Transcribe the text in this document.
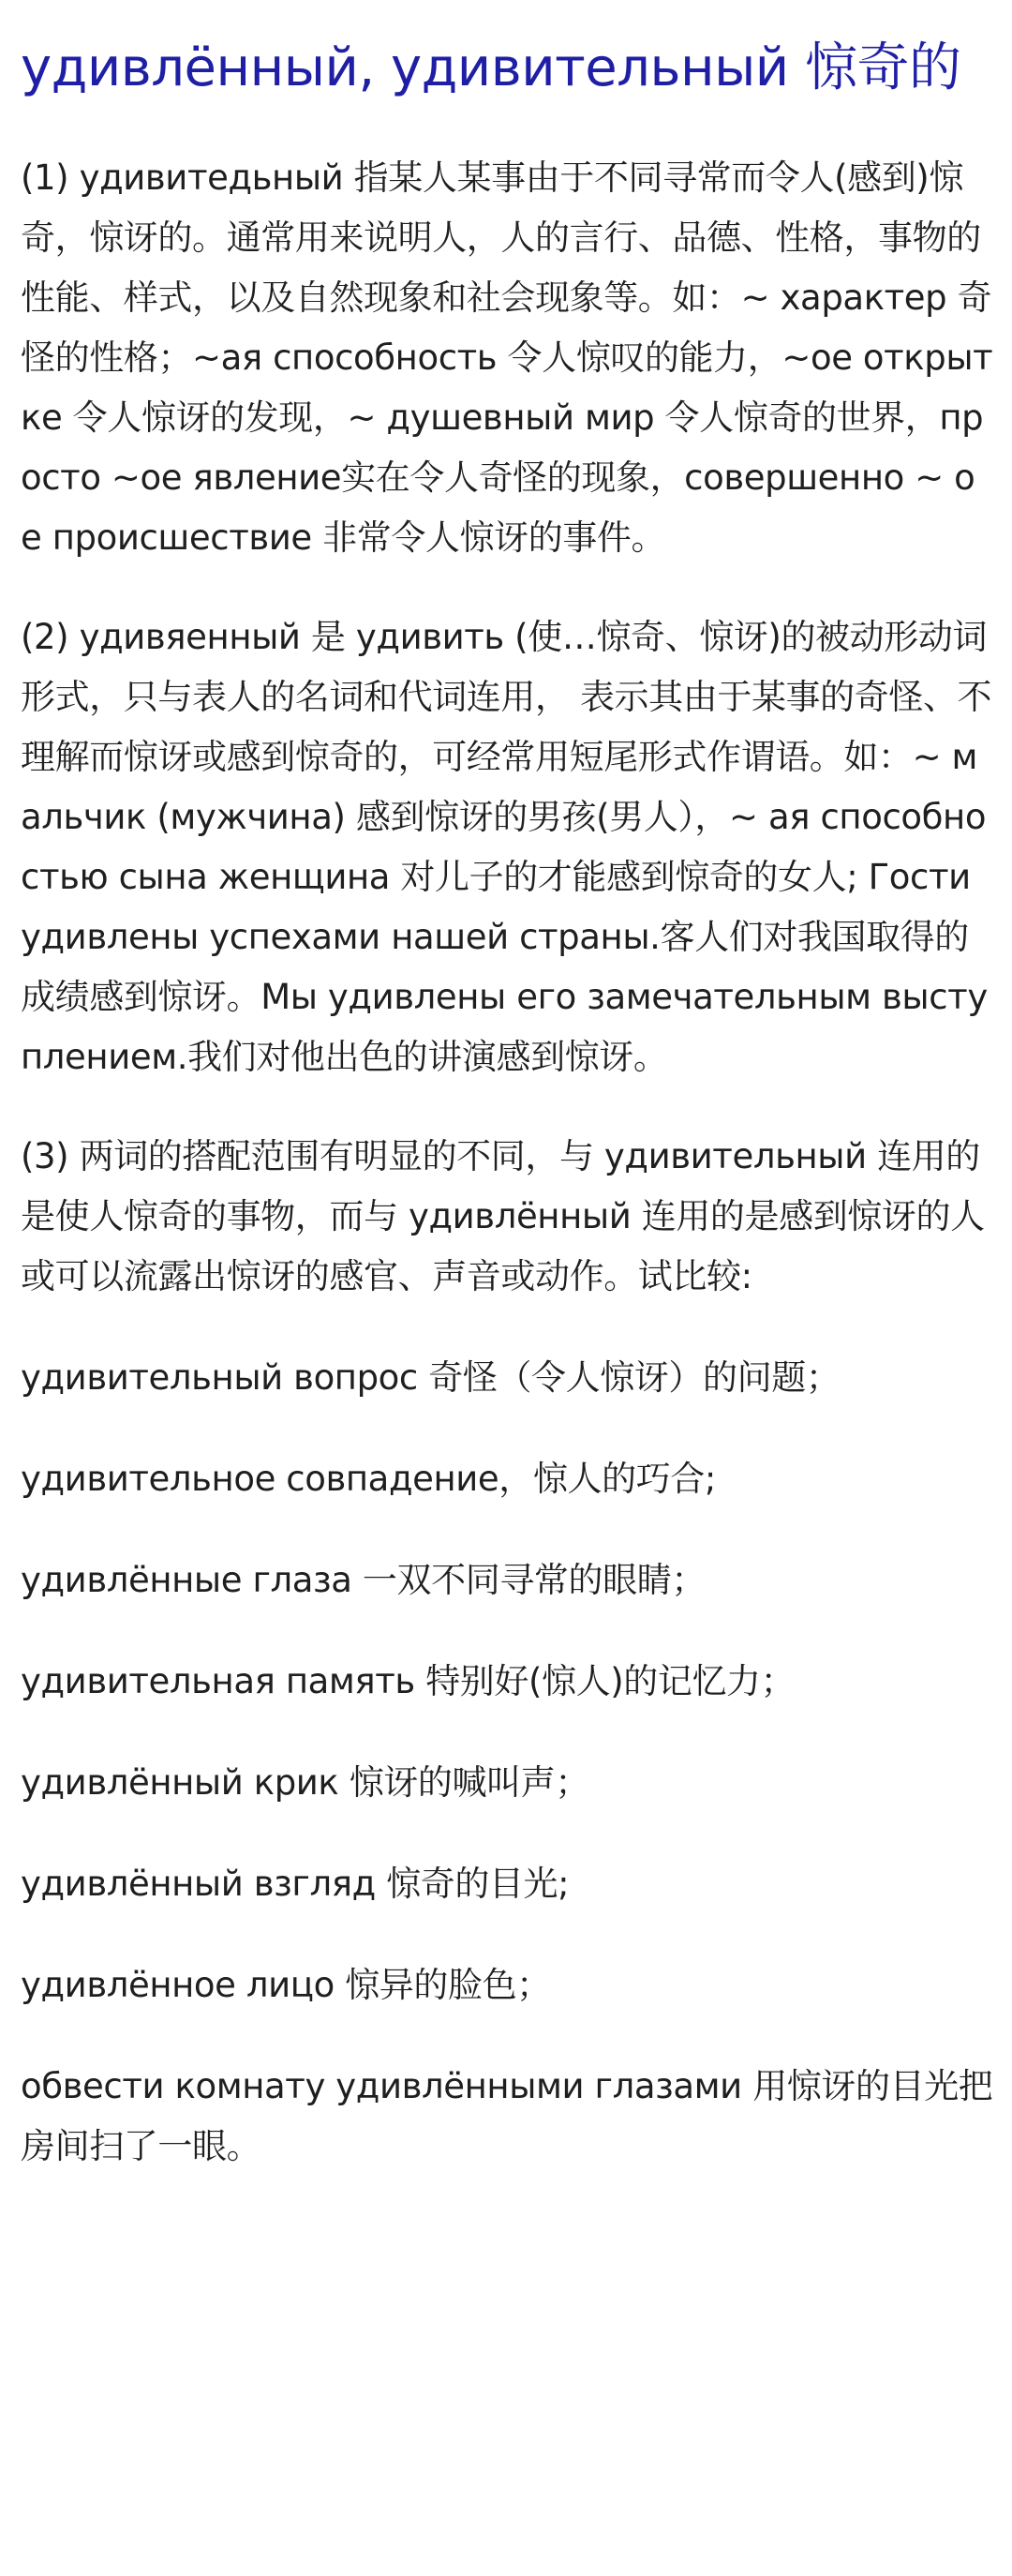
удивлённый, удивительный 惊奇的

(1) удивитедьный 指某人某事由于不同寻常而令人(感到)惊奇，惊讶的。通常用来说明人，人的言行、品德、性格，事物的性能、样式，以及自然现象和社会现象等。如：~ характер 奇怪的性格；~ая способность 令人惊叹的能力，~ое открытке 令人惊讶的发现，~ душевный мир 令人惊奇的世界，просто ~ое явление实在令人奇怪的现象，совершенно ~ ое происшествие 非常令人惊讶的事件。

(2) удивяенный 是 удивить (使…惊奇、惊讶)的被动形动词形式，只与表人的名词和代词连用， 表示其由于某事的奇怪、不理解而惊讶或感到惊奇的，可经常用短尾形式作谓语。如：~ мальчик (мужчина) 感到惊讶的男孩(男人），~ ая способностью сына женщина 对儿子的才能感到惊奇的女人; Гости удивлены успехами нашей страны.客人们对我国取得的成绩感到惊讶。Мы удивлены его замечательным выступлением.我们对他出色的讲演感到惊讶。

(3) 两词的搭配范围有明显的不同，与 удивительный 连用的是使人惊奇的事物，而与 удивлённый 连用的是感到惊讶的人或可以流露出惊讶的感官、声音或动作。试比较:

удивительный вопрос 奇怪（令人惊讶）的问题；
удивительное совпадение，惊人的巧合;
удивлённые глаза 一双不同寻常的眼睛；
удивительная память 特别好(惊人)的记忆力；
удивлённый крик 惊讶的喊叫声；
удивлённый взгляд 惊奇的目光;
удивлённое лицо 惊异的脸色；
обвести комнату удивлёнными глазами 用惊讶的目光把房间扫了一眼。
